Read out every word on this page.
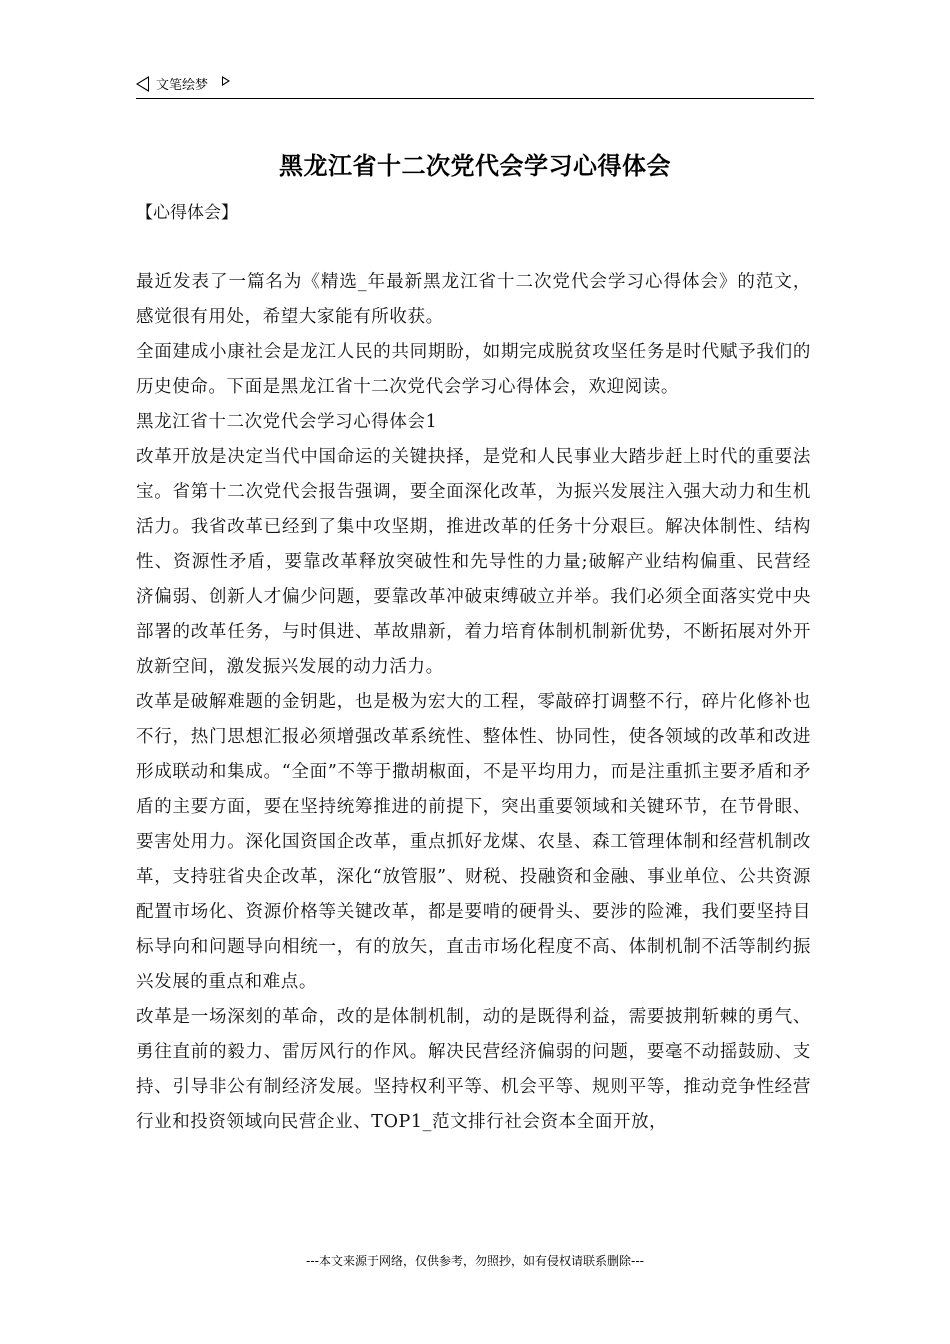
文笔绘梦
黑龙江省十二次党代会学习心得体会
【心得体会】

最近发表了一篇名为《精选_年最新黑龙江省十二次党代会学习心得体会》的范文，感觉很有用处，希望大家能有所收获。

全面建成小康社会是龙江人民的共同期盼，如期完成脱贫攻坚任务是时代赋予我们的历史使命。下面是黑龙江省十二次党代会学习心得体会，欢迎阅读。

黑龙江省十二次党代会学习心得体会1

改革开放是决定当代中国命运的关键抉择，是党和人民事业大踏步赶上时代的重要法宝。省第十二次党代会报告强调，要全面深化改革，为振兴发展注入强大动力和生机活力。我省改革已经到了集中攻坚期，推进改革的任务十分艰巨。解决体制性、结构性、资源性矛盾，要靠改革释放突破性和先导性的力量;破解产业结构偏重、民营经济偏弱、创新人才偏少问题，要靠改革冲破束缚破立并举。我们必须全面落实党中央部署的改革任务，与时俱进、革故鼎新，着力培育体制机制新优势，不断拓展对外开放新空间，激发振兴发展的动力活力。

改革是破解难题的金钥匙，也是极为宏大的工程，零敲碎打调整不行，碎片化修补也不行，热门思想汇报必须增强改革系统性、整体性、协同性，使各领域的改革和改进形成联动和集成。“全面”不等于撒胡椒面，不是平均用力，而是注重抓主要矛盾和矛盾的主要方面，要在坚持统筹推进的前提下，突出重要领域和关键环节，在节骨眼、要害处用力。深化国资国企改革，重点抓好龙煤、农垦、森工管理体制和经营机制改革，支持驻省央企改革，深化“放管服”、财税、投融资和金融、事业单位、公共资源配置市场化、资源价格等关键改革，都是要啃的硬骨头、要涉的险滩，我们要坚持目标导向和问题导向相统一，有的放矢，直击市场化程度不高、体制机制不活等制约振兴发展的重点和难点。

改革是一场深刻的革命，改的是体制机制，动的是既得利益，需要披荆斩棘的勇气、勇往直前的毅力、雷厉风行的作风。解决民营经济偏弱的问题，要毫不动摇鼓励、支持、引导非公有制经济发展。坚持权利平等、机会平等、规则平等，推动竞争性经营行业和投资领域向民营企业、TOP1_范文排行社会资本全面开放，

---本文来源于网络，仅供参考，勿照抄，如有侵权请联系删除---
